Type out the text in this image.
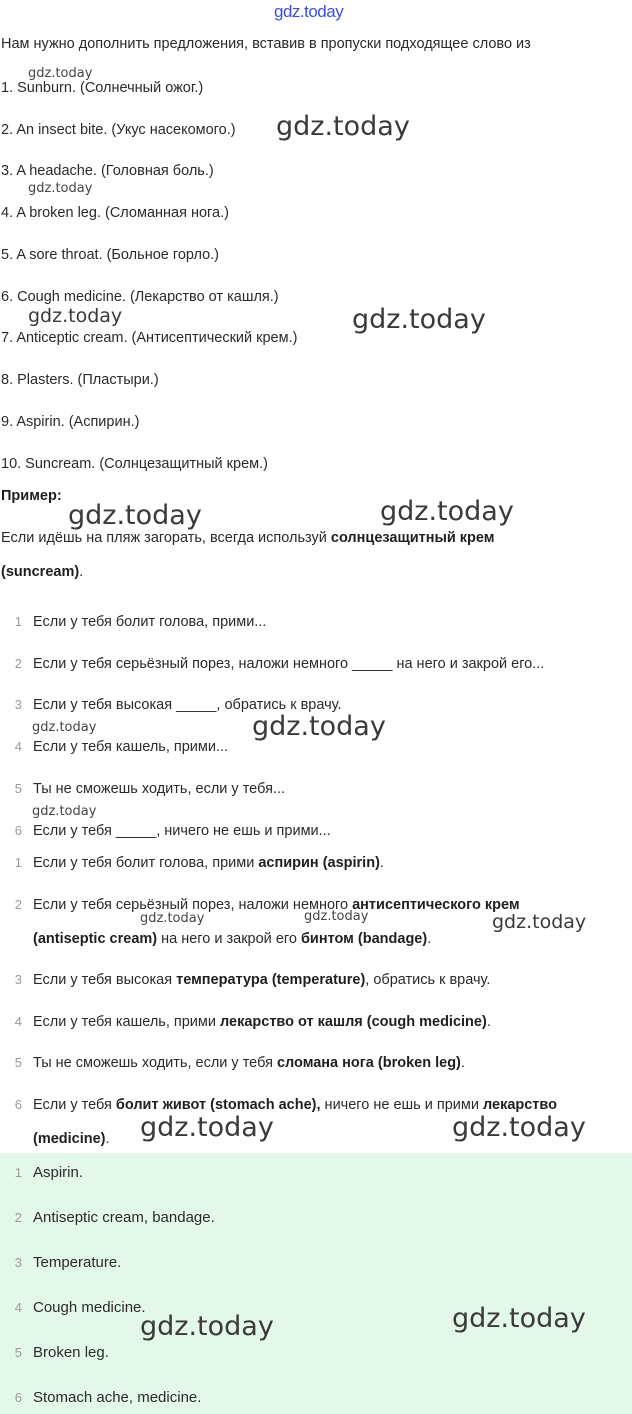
gdz.today
Нам нужно дополнить предложения, вставив в пропуски подходящее слово из
1. Sunburn. (Солнечный ожог.)
2. An insect bite. (Укус насекомого.)
3. A headache. (Головная боль.)
4. A broken leg. (Сломанная нога.)
5. A sore throat. (Больное горло.)
6. Cough medicine. (Лекарство от кашля.)
7. Anticeptic cream. (Антисептический крем.)
8. Plasters. (Пластыри.)
9. Aspirin. (Аспирин.)
10. Suncream. (Солнцезащитный крем.)
Пример:
Если идёшь на пляж загорать, всегда используй солнцезащитный крем
(suncream).
1 Если у тебя болит голова, прими...
2 Если у тебя серьёзный порез, наложи немного _____ на него и закрой его...
3 Если у тебя высокая _____, обратись к врачу.
4 Если у тебя кашель, прими...
5 Ты не сможешь ходить, если у тебя...
6 Если у тебя _____, ничего не ешь и прими...
1 Если у тебя болит голова, прими аспирин (aspirin).
2 Если у тебя серьёзный порез, наложи немного антисептического крем
(antiseptic cream) на него и закрой его бинтом (bandage).
3 Если у тебя высокая температура (temperature), обратись к врачу.
4 Если у тебя кашель, прими лекарство от кашля (cough medicine).
5 Ты не сможешь ходить, если у тебя сломана нога (broken leg).
6 Если у тебя болит живот (stomach ache), ничего не ешь и прими лекарство
(medicine).
1 Aspirin.
2 Antiseptic cream, bandage.
3 Temperature.
4 Cough medicine.
5 Broken leg.
6 Stomach ache, medicine.
gdz.today
gdz.today
gdz.today
gdz.today	gdz.today
gdz.today	gdz.today
gdz.today	gdz.today
gdz.today
gdz.today	gdz.today	gdz.today
gdz.today	gdz.today
gdz.today	gdz.today
